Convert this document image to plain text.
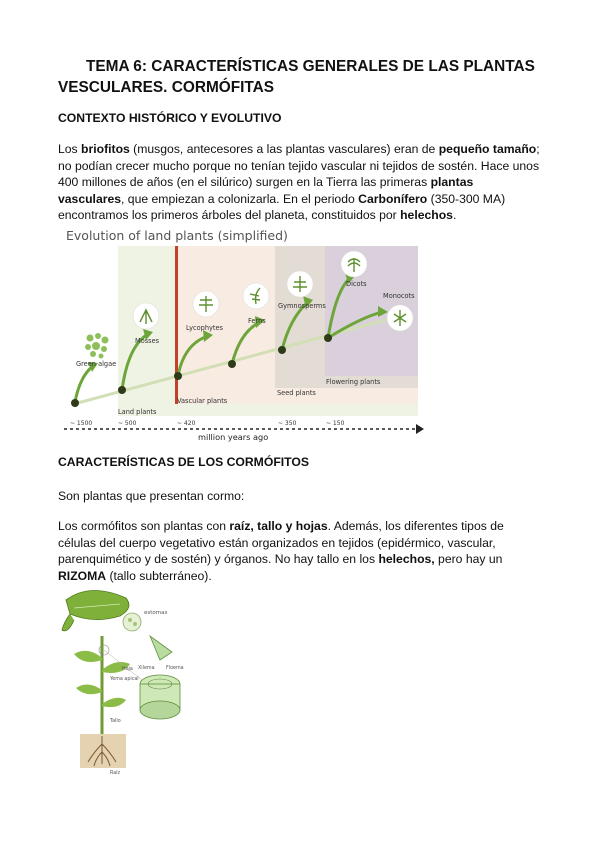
TEMA 6: CARACTERÍSTICAS GENERALES DE LAS PLANTAS VESCULARES. CORMÓFITAS
CONTEXTO HISTÓRICO Y EVOLUTIVO
Los briofitos (musgos, antecesores a las plantas vasculares) eran de pequeño tamaño; no podían crecer mucho porque no tenían tejido vascular ni tejidos de sostén. Hace unos 400 millones de años (en el silúrico) surgen en la Tierra las primeras plantas vasculares, que empiezan a colonizarla. En el periodo Carbonífero (350-300 MA) encontramos los primeros árboles del planeta, constituidos por helechos.
Evolution of land plants (simplified)
Green algae
Mosses
Lycophytes
Ferns
Gymnosperms
Dicots
Monocots
Land plants
Vascular plants
Seed plants
Flowering plants
~ 1500	~ 500	~ 420	~ 350	~ 150
million years ago
CARACTERÍSTICAS DE LOS CORMÓFITOS
Son plantas que presentan cormo:
Los cormófitos son plantas con raíz, tallo y hojas. Además, los diferentes tipos de células del cuerpo vegetativo están organizados en tejidos (epidérmico, vascular, parenquimético y de sostén) y órganos. No hay tallo en los helechos, pero hay un RIZOMA (tallo subterráneo).
estomas
Hoja Xilema Floema
Yema apical
Tallo
Raíz
